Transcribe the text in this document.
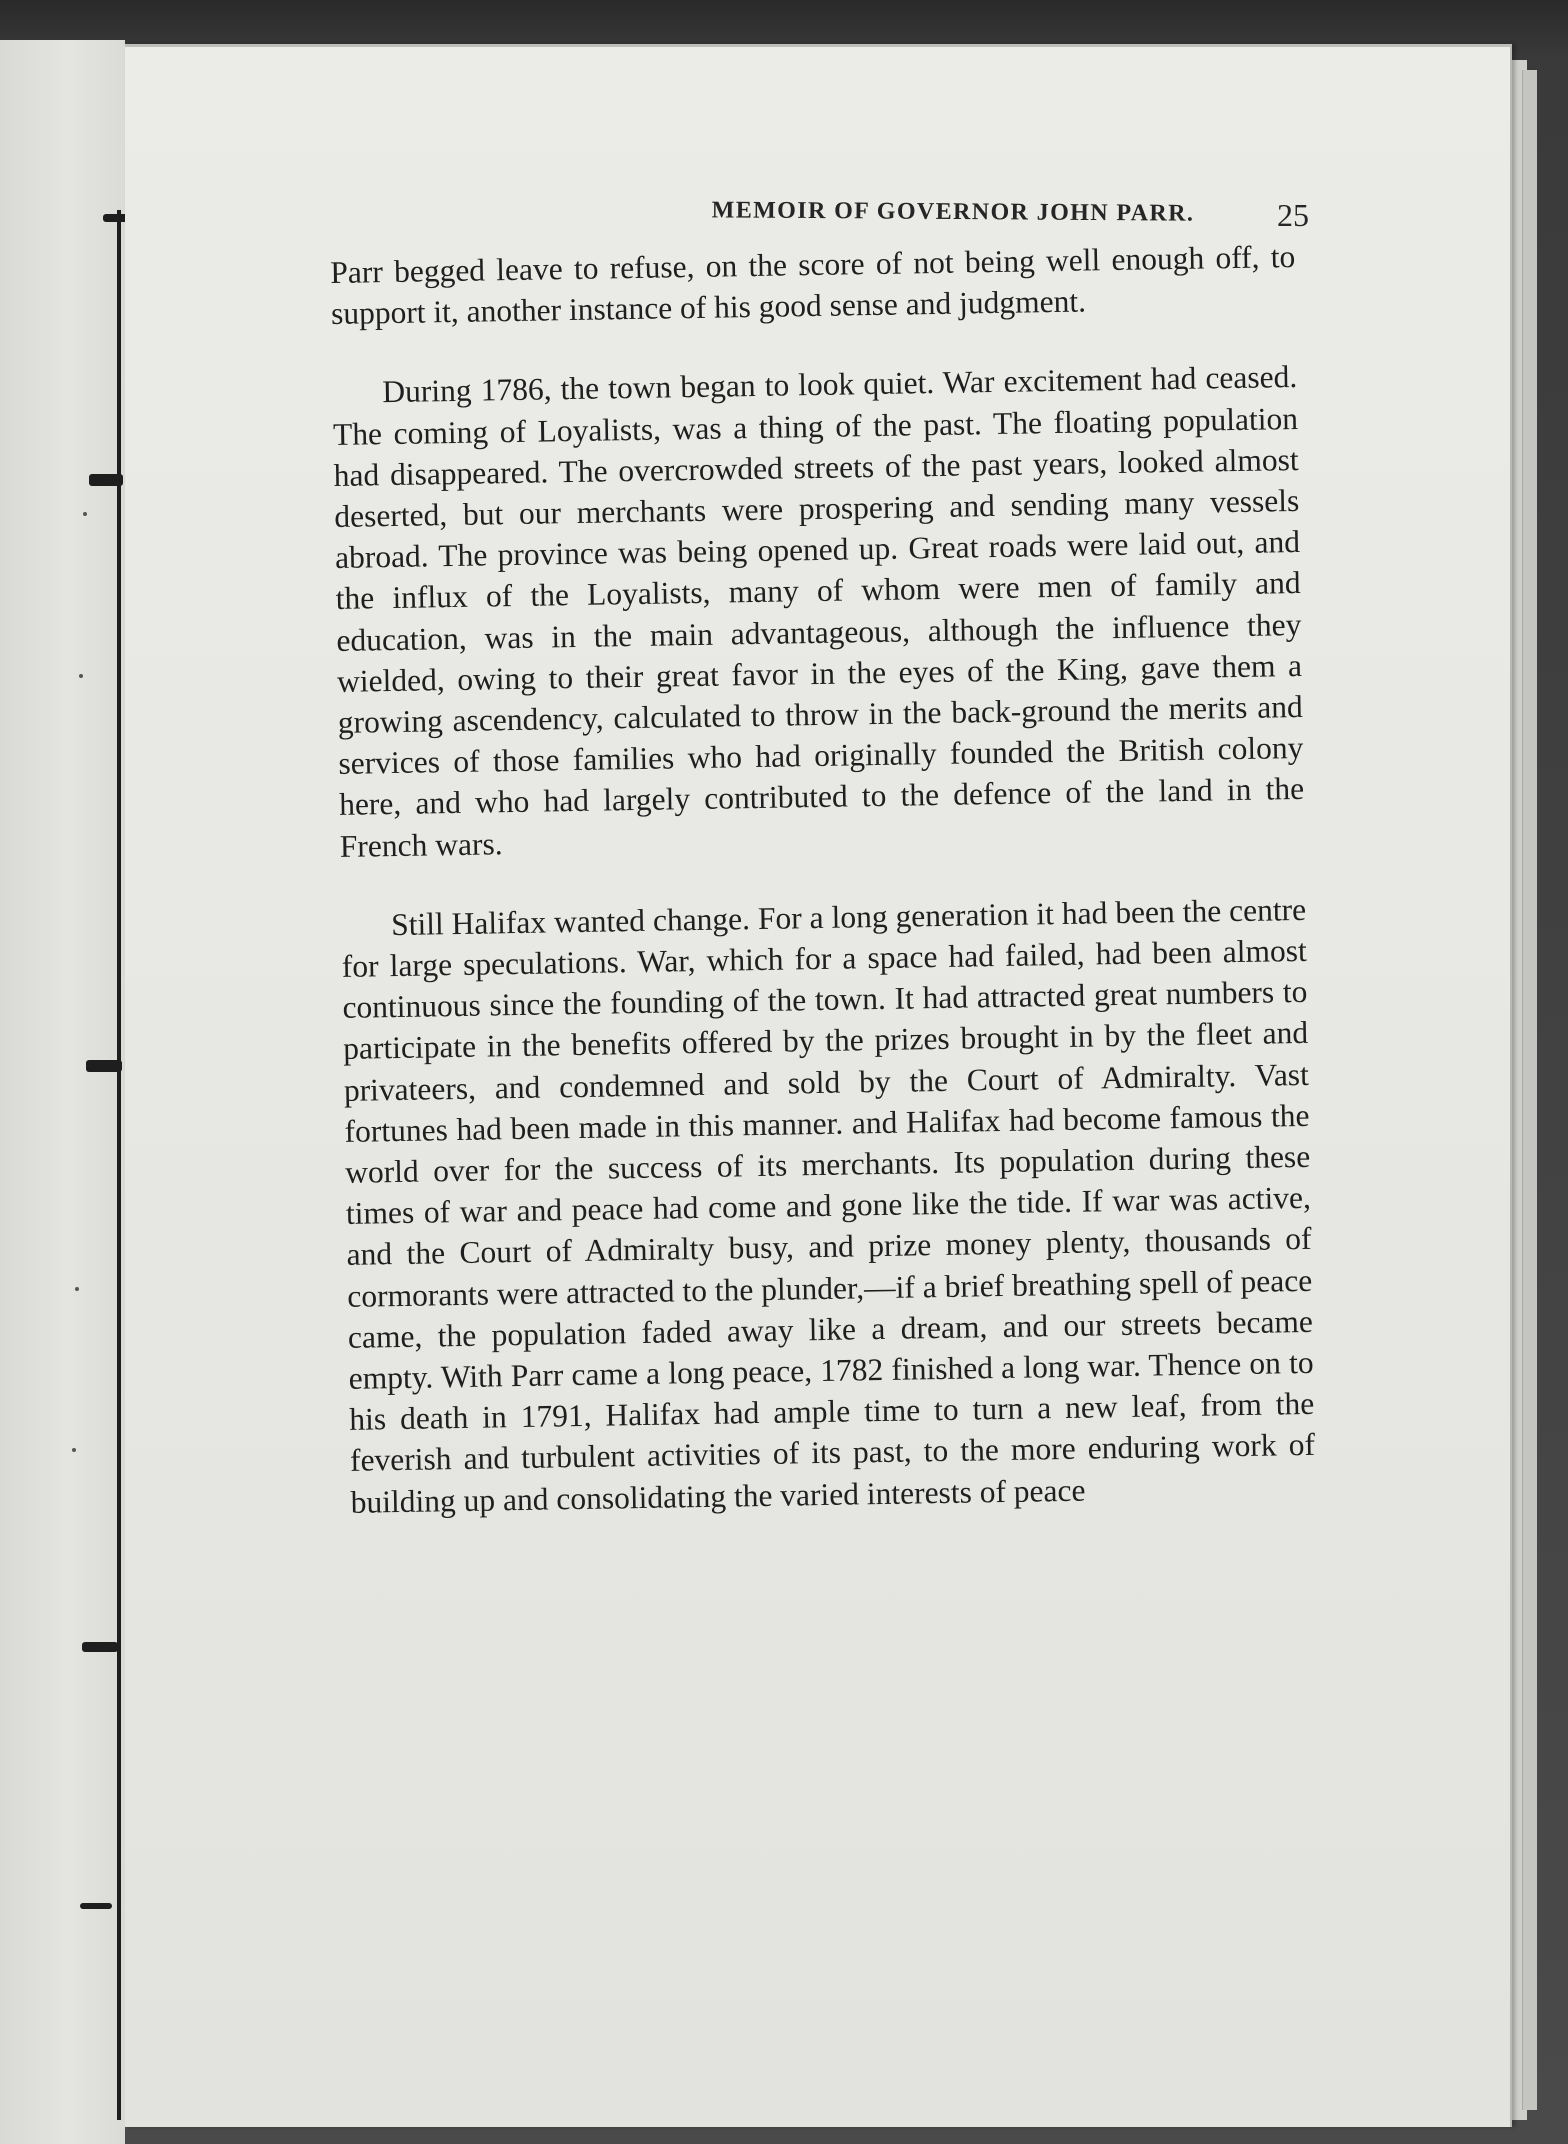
MEMOIR OF GOVERNOR JOHN PARR.	25

Parr begged leave to refuse, on the score of not being well enough off, to support it, another instance of his good sense and judgment.

During 1786, the town began to look quiet. War excitement had ceased. The coming of Loyalists, was a thing of the past. The floating population had disappeared. The overcrowded streets of the past years, looked almost deserted, but our merchants were prospering and sending many vessels abroad. The province was being opened up. Great roads were laid out, and the influx of the Loyalists, many of whom were men of family and education, was in the main advantageous, although the influence they wielded, owing to their great favor in the eyes of the King, gave them a growing ascendency, calculated to throw in the back-ground the merits and services of those families who had originally founded the British colony here, and who had largely contributed to the defence of the land in the French wars.

Still Halifax wanted change. For a long generation it had been the centre for large speculations. War, which for a space had failed, had been almost continuous since the founding of the town. It had attracted great numbers to participate in the benefits offered by the prizes brought in by the fleet and privateers, and condemned and sold by the Court of Admiralty. Vast fortunes had been made in this manner. and Halifax had become famous the world over for the success of its merchants. Its population during these times of war and peace had come and gone like the tide. If war was active, and the Court of Admiralty busy, and prize money plenty, thousands of cormorants were attracted to the plunder,—if a brief breathing spell of peace came, the population faded away like a dream, and our streets became empty. With Parr came a long peace, 1782 finished a long war. Thence on to his death in 1791, Halifax had ample time to turn a new leaf, from the feverish and turbulent activities of its past, to the more enduring work of building up and consolidating the varied interests of peace
